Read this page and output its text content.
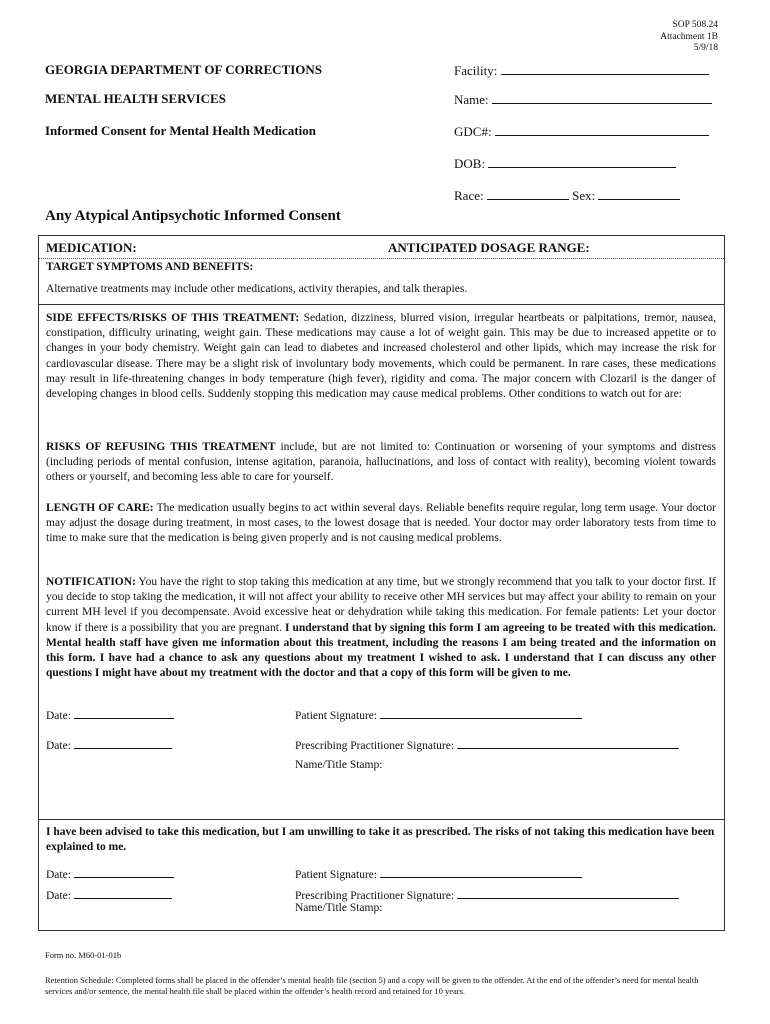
SOP 508.24
Attachment 1B
5/9/18
GEORGIA DEPARTMENT OF CORRECTIONS
MENTAL HEALTH SERVICES
Informed Consent for Mental Health Medication
Facility:
Name:
GDC#:
DOB:
Race:	Sex:
Any Atypical Antipsychotic Informed Consent
MEDICATION:	ANTICIPATED DOSAGE RANGE:
TARGET SYMPTOMS AND BENEFITS:
Alternative treatments may include other medications, activity therapies, and talk therapies.

SIDE EFFECTS/RISKS OF THIS TREATMENT: Sedation, dizziness, blurred vision, irregular heartbeats or palpitations, tremor, nausea, constipation, difficulty urinating, weight gain. These medications may cause a lot of weight gain. This may be due to increased appetite or to changes in your body chemistry. Weight gain can lead to diabetes and increased cholesterol and other lipids, which may increase the risk for cardiovascular disease. There may be a slight risk of involuntary body movements, which could be permanent. In rare cases, these medications may result in life-threatening changes in body temperature (high fever), rigidity and coma. The major concern with Clozaril is the danger of developing changes in blood cells. Suddenly stopping this medication may cause medical problems. Other conditions to watch out for are:

RISKS OF REFUSING THIS TREATMENT include, but are not limited to: Continuation or worsening of your symptoms and distress (including periods of mental confusion, intense agitation, paranoia, hallucinations, and loss of contact with reality), becoming violent towards others or yourself, and becoming less able to care for yourself.

LENGTH OF CARE: The medication usually begins to act within several days. Reliable benefits require regular, long term usage. Your doctor may adjust the dosage during treatment, in most cases, to the lowest dosage that is needed. Your doctor may order laboratory tests from time to time to make sure that the medication is being given properly and is not causing medical problems.

NOTIFICATION: You have the right to stop taking this medication at any time, but we strongly recommend that you talk to your doctor first. If you decide to stop taking the medication, it will not affect your ability to receive other MH services but may affect your ability to remain on your current MH level if you decompensate. Avoid excessive heat or dehydration while taking this medication. For female patients: Let your doctor know if there is a possibility that you are pregnant. I understand that by signing this form I am agreeing to be treated with this medication. Mental health staff have given me information about this treatment, including the reasons I am being treated and the information on this form. I have had a chance to ask any questions about my treatment I wished to ask. I understand that I can discuss any other questions I might have about my treatment with the doctor and that a copy of this form will be given to me.

Date:	Patient Signature:
Date:	Prescribing Practitioner Signature:
Name/Title Stamp:

I have been advised to take this medication, but I am unwilling to take it as prescribed. The risks of not taking this medication have been explained to me.

Date:	Patient Signature:
Date:	Prescribing Practitioner Signature:
Name/Title Stamp:
Form no. M60-01-01b
Retention Schedule: Completed forms shall be placed in the offender’s mental health file (section 5) and a copy will be given to the offender. At the end of the offender’s need for mental health services and/or sentence, the mental health file shall be placed within the offender’s health record and retained for 10 years.
